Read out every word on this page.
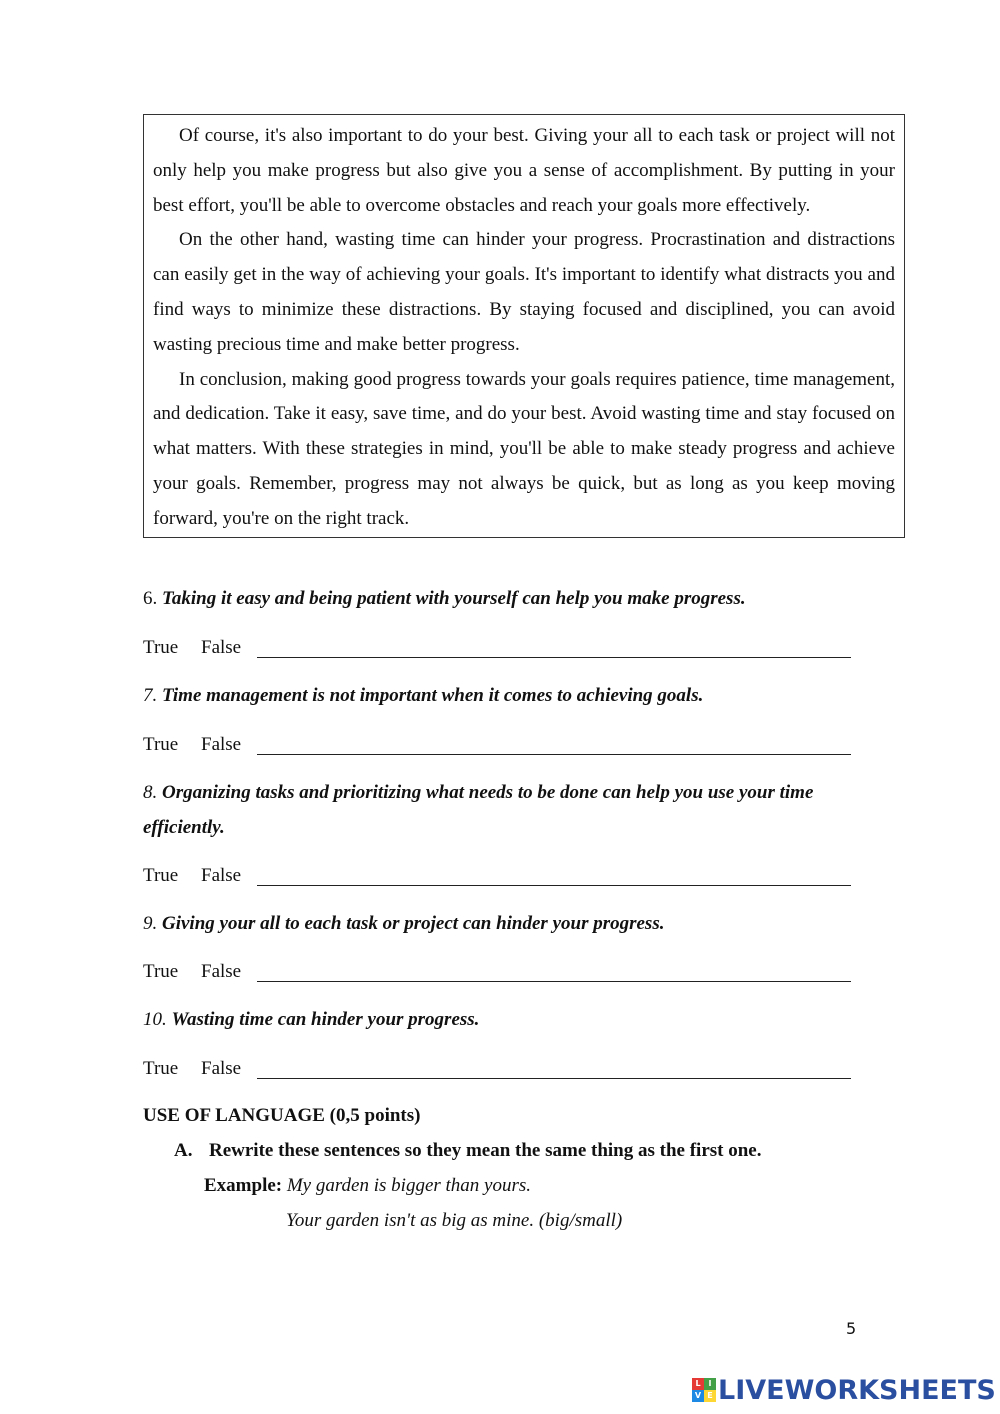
Of course, it's also important to do your best. Giving your all to each task or project will not only help you make progress but also give you a sense of accomplishment. By putting in your best effort, you'll be able to overcome obstacles and reach your goals more effectively.

On the other hand, wasting time can hinder your progress. Procrastination and distractions can easily get in the way of achieving your goals. It's important to identify what distracts you and find ways to minimize these distractions. By staying focused and disciplined, you can avoid wasting precious time and make better progress.

In conclusion, making good progress towards your goals requires patience, time management, and dedication. Take it easy, save time, and do your best. Avoid wasting time and stay focused on what matters. With these strategies in mind, you'll be able to make steady progress and achieve your goals. Remember, progress may not always be quick, but as long as you keep moving forward, you're on the right track.

6. Taking it easy and being patient with yourself can help you make progress.

True False

7. Time management is not important when it comes to achieving goals.

True False

8. Organizing tasks and prioritizing what needs to be done can help you use your time efficiently.

True False

9. Giving your all to each task or project can hinder your progress.

True False

10. Wasting time can hinder your progress.

True False

USE OF LANGUAGE (0,5 points)

A. Rewrite these sentences so they mean the same thing as the first one.
Example: My garden is bigger than yours.
Your garden isn't as big as mine. (big/small)
5
L I
V E LIVEWORKSHEETS
